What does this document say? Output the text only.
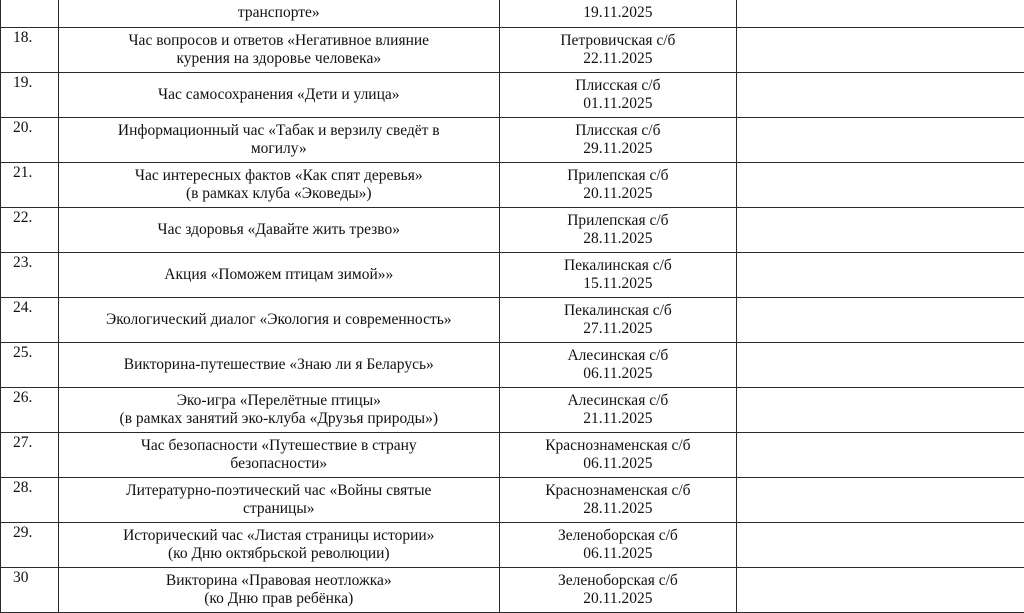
	транспорте»	19.11.2025	

18.	Час вопросов и ответов «Негативное влияние
курения на здоровье человека»	Петровичская с/б
22.11.2025	

19.	Час самосохранения «Дети и улица»	Плисская с/б
01.11.2025	

20.	Информационный час «Табак и верзилу сведёт в
могилу»	Плисская с/б
29.11.2025	

21.	Час интересных фактов «Как спят деревья»
(в рамках клуба «Эковеды»)	Прилепская с/б
20.11.2025	

22.	Час здоровья «Давайте жить трезво»	Прилепская с/б
28.11.2025	

23.	Акция «Поможем птицам зимой»»	Пекалинская с/б
15.11.2025	

24.	Экологический диалог «Экология и современность»	Пекалинская с/б
27.11.2025	

25.	Викторина-путешествие «Знаю ли я Беларусь»	Алесинская с/б
06.11.2025	

26.	Эко-игра «Перелётные птицы»
(в рамках занятий эко-клуба «Друзья природы»)	Алесинская с/б
21.11.2025	

27.	Час безопасности «Путешествие в страну
безопасности»	Краснознаменская с/б
06.11.2025	

28.	Литературно-поэтический час «Войны святые
страницы»	Краснознаменская с/б
28.11.2025	

29.	Исторический час «Листая страницы истории»
(ко Дню октябрьской революции)	Зеленоборская с/б
06.11.2025	

30	Викторина «Правовая неотложка»
(ко Дню прав ребёнка)	Зеленоборская с/б
20.11.2025	
